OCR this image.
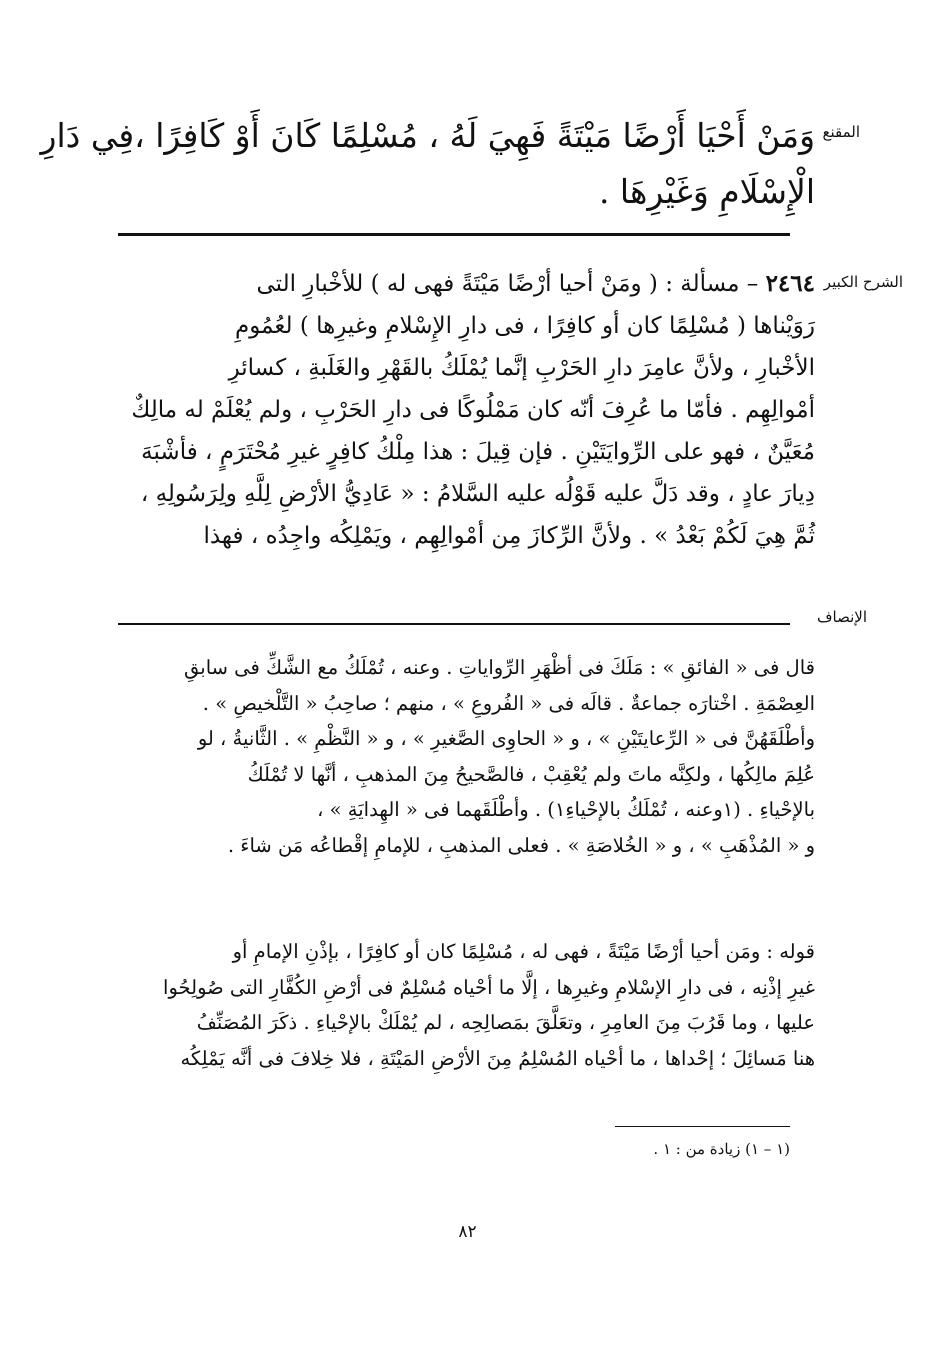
المقنع
الشرح الكبير
الإنصاف
وَمَنْ أَحْيَا أَرْضًا مَيْتَةً فَهِيَ لَهُ ، مُسْلِمًا كَانَ أَوْ كَافِرًا ،فِي دَارِ
الْإِسْلَامِ وَغَيْرِهَا .
٢٤٦٤ – مسألة : ( ومَنْ أحيا أرْضًا مَيْتَةً فهى له ) للأخْبارِ التى
رَوَيْناها ( مُسْلِمًا كان أو كافِرًا ، فى دارِ الإِسْلامِ وغيرِها ) لعُمُومِ
الأخْبارِ ، ولأنَّ عامِرَ دارِ الحَرْبِ إنَّما يُمْلَكُ بالقَهْرِ والغَلَبةِ ، كسائرِ
أمْوالِهِم . فأمّا ما عُرِفَ أنّه كان مَمْلُوكًا فى دارِ الحَرْبِ ، ولم يُعْلَمْ له مالِكٌ
مُعَيَّنٌ ، فهو على الرِّوايَتَيْنِ . فإن قِيلَ : هذا مِلْكُ كافِرٍ غيرِ مُحْتَرَمٍ ، فأشْبَهَ
دِيارَ عادٍ ، وقد دَلَّ عليه قَوْلُه عليه السَّلامُ : « عَادِيُّ الأرْضِ لِلَّهِ ولِرَسُولِهِ ،
ثُمَّ هِيَ لَكُمْ بَعْدُ » . ولأنَّ الرِّكازَ مِن أمْوالِهِم ، ويَمْلِكُه واجِدُه ، فهذا
قال فى « الفائقِ » : مَلَكَ فى أظْهَرِ الرِّواياتِ . وعنه ، تُمْلَكُ مع الشَّكِّ فى سابقِ
العِصْمَةِ . اخْتارَه جماعةٌ . قالَه فى « الفُروعِ » ، منهم ؛ صاحِبُ « التَّلْخيصِ » .
وأطْلَقَهُنَّ فى « الرِّعايتَيْنِ » ، و « الحاوِى الصَّغيرِ » ، و « النَّظْمِ » . الثَّانيةُ ، لو
عُلِمَ مالِكُها ، ولكِنَّه ماتَ ولم يُعْقِبْ ، فالصَّحيحُ مِنَ المذهبِ ، أنَّها لا تُمْلَكُ
بالإحْياءِ . (١وعنه ، تُمْلَكُ بالإحْياءِ١) . وأطْلَقَهما فى « الهِدايَةِ » ،
و « المُذْهَبِ » ، و « الخُلاصَةِ » . فعلى المذهبِ ، للإمامِ إقْطاعُه مَن شاءَ .
قوله : ومَن أحيا أرْضًا مَيْتَةً ، فهى له ، مُسْلِمًا كان أو كافِرًا ، بإذْنِ الإمامِ أو
غيرِ إذْنِه ، فى دارِ الإسْلامِ وغيرِها ، إلَّا ما أحْياه مُسْلِمٌ فى أرْضِ الكُفَّارِ التى صُولِحُوا
عليها ، وما قَرُبَ مِنَ العامِرِ ، وتعَلَّقَ بمَصالِحِه ، لم يُمْلَكْ بالإحْياءِ . ذكَرَ المُصَنِّفُ
هنا مَسائِلَ ؛ إحْداها ، ما أحْياه المُسْلِمُ مِنَ الأرْضِ المَيْتَةِ ، فلا خِلافَ فى أنَّه يَمْلِكُه
(١ – ١) زيادة من : ١ .
٨٢
